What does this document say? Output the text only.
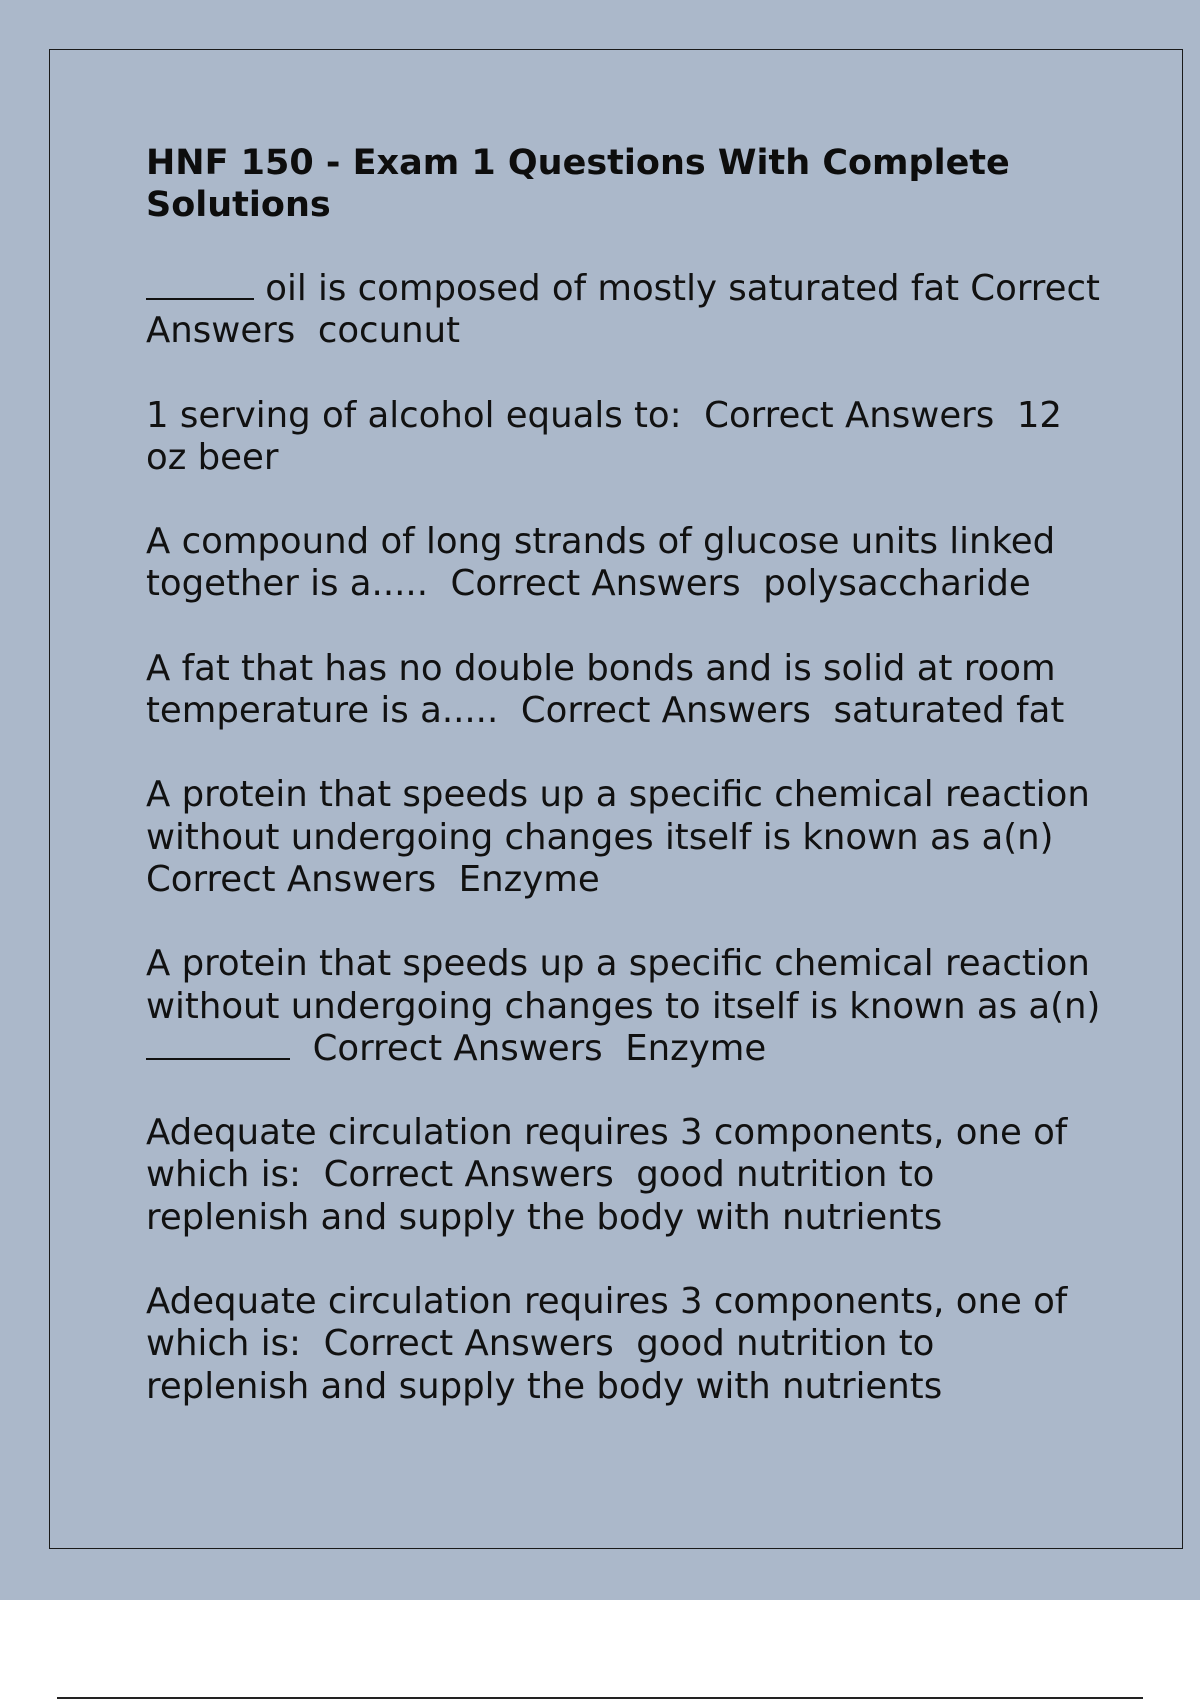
HNF 150 - Exam 1 Questions With Complete Solutions
oil is composed of mostly saturated fat Correct Answers  cocunut
1 serving of alcohol equals to:  Correct Answers  12 oz beer
A compound of long strands of glucose units linked together is a.....  Correct Answers  polysaccharide
A fat that has no double bonds and is solid at room temperature is a.....  Correct Answers  saturated fat
A protein that speeds up a specific chemical reaction without undergoing changes itself is known as a(n)  Correct Answers  Enzyme
A protein that speeds up a specific chemical reaction without undergoing changes to itself is known as a(n)   Correct Answers  Enzyme
Adequate circulation requires 3 components, one of which is:  Correct Answers  good nutrition to replenish and supply the body with nutrients
Adequate circulation requires 3 components, one of which is:  Correct Answers  good nutrition to replenish and supply the body with nutrients
